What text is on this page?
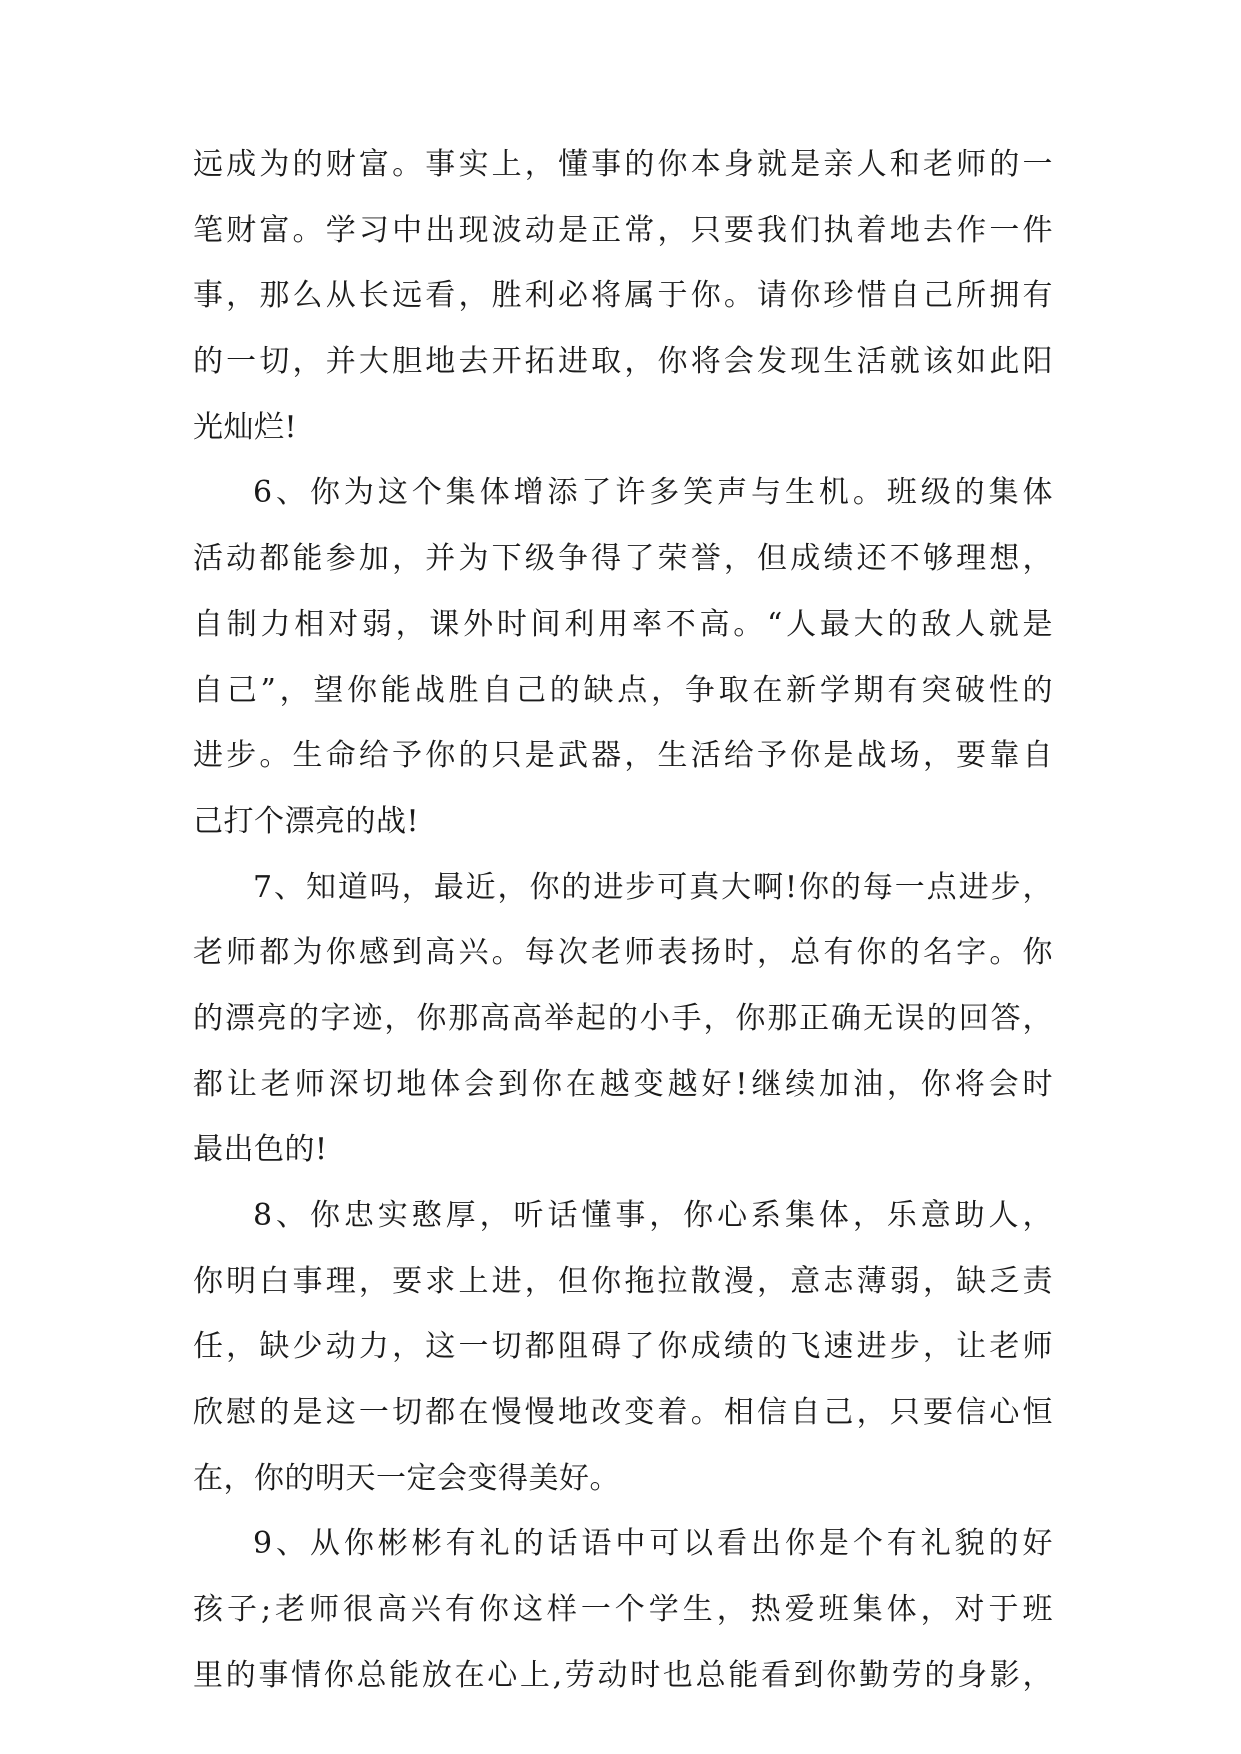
远成为的财富。事实上，懂事的你本身就是亲人和老师的一
笔财富。学习中出现波动是正常，只要我们执着地去作一件
事，那么从长远看，胜利必将属于你。请你珍惜自己所拥有
的一切，并大胆地去开拓进取，你将会发现生活就该如此阳
光灿烂!
6、你为这个集体增添了许多笑声与生机。班级的集体
活动都能参加，并为下级争得了荣誉，但成绩还不够理想，
自制力相对弱，课外时间利用率不高。“人最大的敌人就是
自己”，望你能战胜自己的缺点，争取在新学期有突破性的
进步。生命给予你的只是武器，生活给予你是战场，要靠自
己打个漂亮的战!
7、知道吗，最近，你的进步可真大啊!你的每一点进步，
老师都为你感到高兴。每次老师表扬时，总有你的名字。你
的漂亮的字迹，你那高高举起的小手，你那正确无误的回答，
都让老师深切地体会到你在越变越好!继续加油，你将会时
最出色的!
8、你忠实憨厚，听话懂事，你心系集体，乐意助人，
你明白事理，要求上进，但你拖拉散漫，意志薄弱，缺乏责
任，缺少动力，这一切都阻碍了你成绩的飞速进步，让老师
欣慰的是这一切都在慢慢地改变着。相信自己，只要信心恒
在，你的明天一定会变得美好。
9、从你彬彬有礼的话语中可以看出你是个有礼貌的好
孩子;老师很高兴有你这样一个学生，热爱班集体，对于班
里的事情你总能放在心上,劳动时也总能看到你勤劳的身影，
